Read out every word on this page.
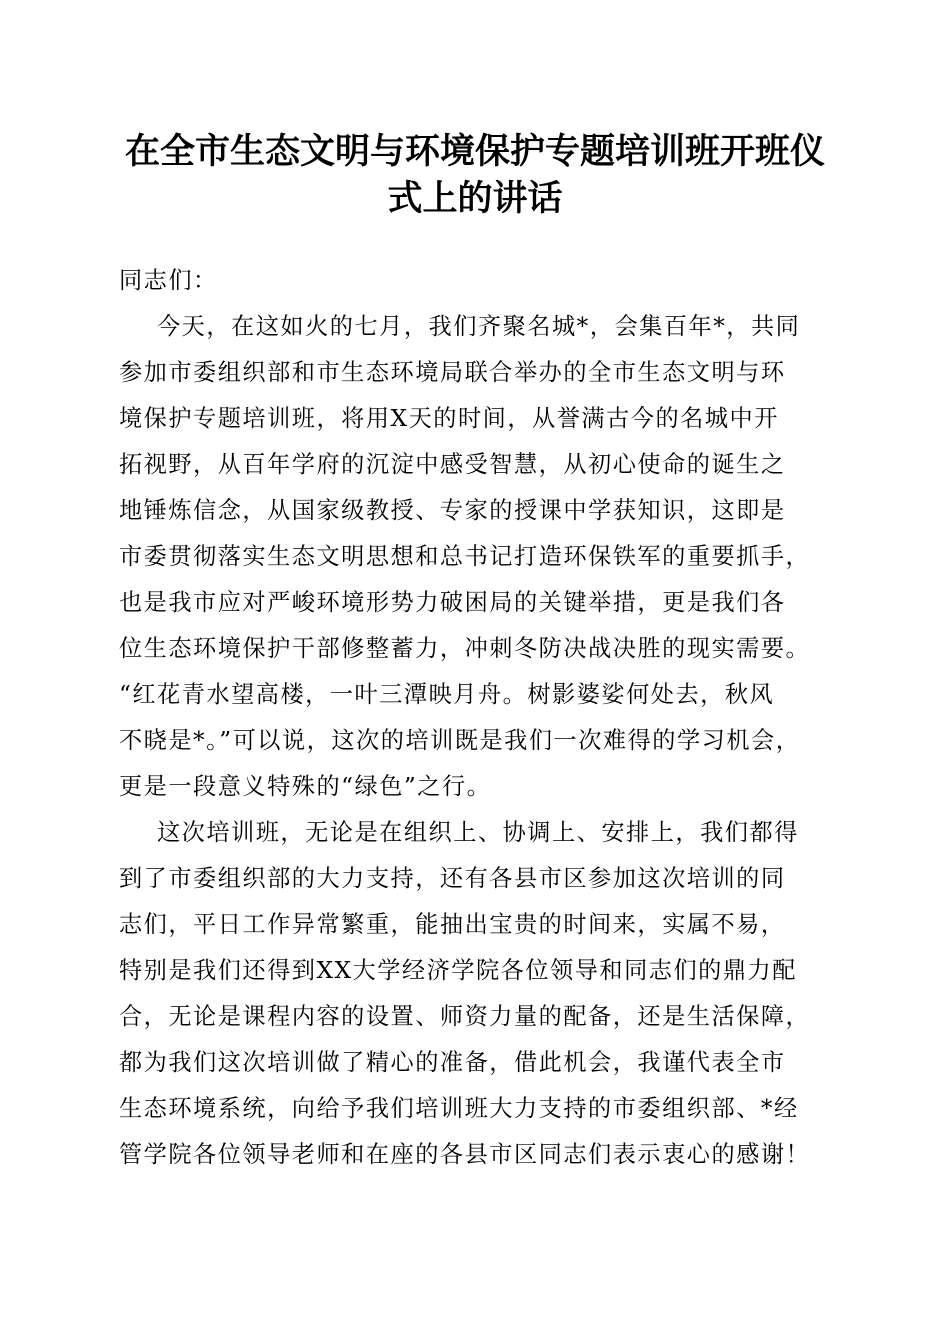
在全市生态文明与环境保护专题培训班开班仪
式上的讲话
同志们：
今天，在这如火的七月，我们齐聚名城*，会集百年*，共同
参加市委组织部和市生态环境局联合举办的全市生态文明与环
境保护专题培训班，将用X天的时间，从誉满古今的名城中开
拓视野，从百年学府的沉淀中感受智慧，从初心使命的诞生之
地锤炼信念，从国家级教授、专家的授课中学获知识，这即是
市委贯彻落实生态文明思想和总书记打造环保铁军的重要抓手，
也是我市应对严峻环境形势力破困局的关键举措，更是我们各
位生态环境保护干部修整蓄力，冲刺冬防决战决胜的现实需要。
“红花青水望高楼，一叶三潭映月舟。树影婆娑何处去，秋风
不晓是*。”可以说，这次的培训既是我们一次难得的学习机会，
更是一段意义特殊的“绿色”之行。
这次培训班，无论是在组织上、协调上、安排上，我们都得
到了市委组织部的大力支持，还有各县市区参加这次培训的同
志们，平日工作异常繁重，能抽出宝贵的时间来，实属不易，
特别是我们还得到XX大学经济学院各位领导和同志们的鼎力配
合，无论是课程内容的设置、师资力量的配备，还是生活保障，
都为我们这次培训做了精心的准备，借此机会，我谨代表全市
生态环境系统，向给予我们培训班大力支持的市委组织部、*经
管学院各位领导老师和在座的各县市区同志们表示衷心的感谢！
